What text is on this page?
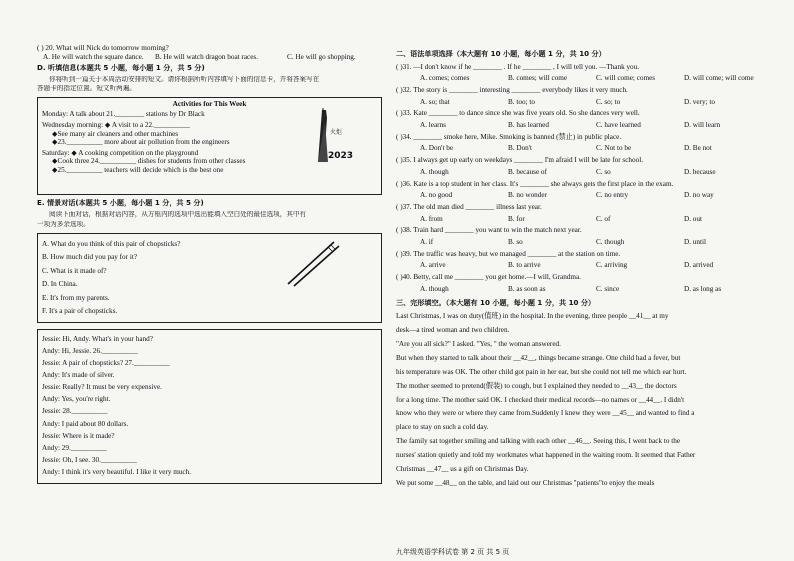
( ) 20. What will Nick do tomorrow morning?
A. He will watch the square dance.	B. He will watch dragon boat races.	C. He will go shopping.
D. 听填信息(本题共 5 小题，每小题 1 分，共 5 分)
你将听到一篇关于本周活动安排的短文。请你根据所听内容填写下面的信息卡，并将答案写在
答题卡的指定位置。短文听两遍。
Activities for This Week
Monday: A talk about 21.________ stations by Dr Black
Wednesday morning: ◆ A visit to a 22.__________
◆See many air cleaners and other machines
◆23.__________ more about air pollution from the engineers
Saturday: ◆ A cooking competition on the playground
◆Cook three 24.__________ dishes for students from other classes
◆25.__________ teachers will decide which is the best one
火炬
2023
E. 情景对话(本题共 5 小题，每小题 1 分，共 5 分)
阅读下面对话，根据对话内容，从方框内的选项中选出能填入空白处的最佳选项，其中有
一项为多余选项。
A. What do you think of this pair of chopsticks?
B. How much did you pay for it?
C. What is it made of?
D. In China.
E. It's from my parents.
F. It's a pair of chopsticks.
Jessie: Hi, Andy. What's in your hand?
Andy: Hi, Jessie. 26.__________
Jessie: A pair of chopsticks? 27.__________
Andy: It's made of silver.
Jessie: Really? It must be very expensive.
Andy: Yes, you're right.
Jessie: 28.__________
Andy: I paid about 80 dollars.
Jessie: Where is it made?
Andy: 29.__________
Jessie: Oh, I see. 30.__________
Andy: I think it's very beautiful. I like it very much.
二、语法单项选择（本大题有 10 小题，每小题 1 分，共 10 分）
( )31. —I don't know if he ________ . If he ________ , I will tell you. —Thank you.
A. comes; comes	B. comes; will come	C. will come; comes	D. will come; will come
( )32. The story is ________ interesting ________ everybody likes it very much.
A. so; that	B. too; to	C. so; to	D. very; to
( )33. Kate ________ to dance since she was five years old. So she dances very well.
A. learns	B. has learned	C. have learned	D. will learn
( )34. ________ smoke here, Mike. Smoking is banned (禁止) in public place.
A. Don't be	B. Don't	C. Not to be	D. Be not
( )35. I always get up early on weekdays ________ I'm afraid I will be late for school.
A. though	B. because of	C. so	D. because
( )36. Kate is a top student in her class. It's ________ she always gets the first place in the exam.
A. no good	B. no wonder	C. no entry	D. no way
( )37. The old man died ________ illness last year.
A. from	B. for	C. of	D. out
( )38. Train hard ________ you want to win the match next year.
A. if	B. so	C. though	D. until
( )39. The traffic was heavy, but we managed ________ at the station on time.
A. arrive	B. to arrive	C. arriving	D. arrived
( )40. Betty, call me ________ you get home.—I will, Grandma.
A. though	B. as soon as	C. since	D. as long as
三、完形填空。（本大题有 10 小题，每小题 1 分，共 10 分）
Last Christmas, I was on duty(值班) in the hospital. In the evening, three people __41__ at my
desk—a tired woman and two children.
"Are you all sick?" I asked. "Yes, " the woman answered.
But when they started to talk about their __42__, things became strange. One child had a fever, but
his temperature was OK. The other child got pain in her ear, but she could not tell me which ear hurt.
The mother seemed to pretend(假装) to cough, but I explained they needed to __43__ the doctors
for a long time. The mother said OK. I checked their medical records—no names or __44__. I didn't
know who they were or where they came from.Suddenly I knew they were __45__ and wanted to find a
place to stay on such a cold day.
The family sat together smiling and talking with each other __46__. Seeing this, I went back to the
nurses' station quietly and told my workmates what happened in the waiting room. It seemed that Father
Christmas __47__ us a gift on Christmas Day.
We put some __48__ on the table, and laid out our Christmas "patients"to enjoy the meals
九年级英语学科试卷 第 2 页 共 5 页
